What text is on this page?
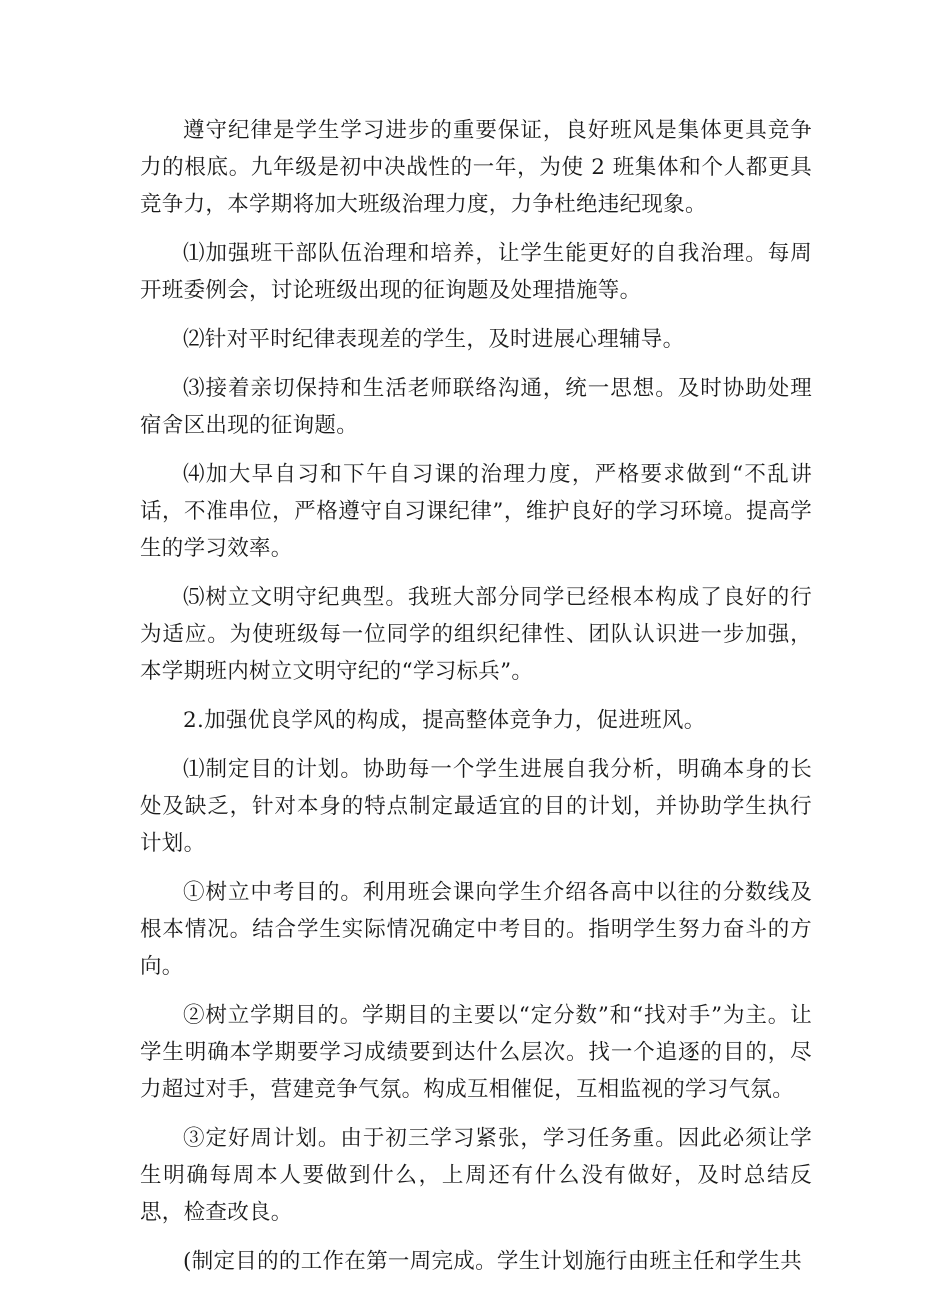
遵守纪律是学生学习进步的重要保证，良好班风是集体更具竞争力的根底。九年级是初中决战性的一年，为使 2 班集体和个人都更具竞争力，本学期将加大班级治理力度，力争杜绝违纪现象。

⑴加强班干部队伍治理和培养，让学生能更好的自我治理。每周开班委例会，讨论班级出现的征询题及处理措施等。

⑵针对平时纪律表现差的学生，及时进展心理辅导。

⑶接着亲切保持和生活老师联络沟通，统一思想。及时协助处理宿舍区出现的征询题。

⑷加大早自习和下午自习课的治理力度，严格要求做到“不乱讲话，不准串位，严格遵守自习课纪律”，维护良好的学习环境。提高学生的学习效率。

⑸树立文明守纪典型。我班大部分同学已经根本构成了良好的行为适应。为使班级每一位同学的组织纪律性、团队认识进一步加强，本学期班内树立文明守纪的“学习标兵”。

2.加强优良学风的构成，提高整体竞争力，促进班风。

⑴制定目的计划。协助每一个学生进展自我分析，明确本身的长处及缺乏，针对本身的特点制定最适宜的目的计划，并协助学生执行计划。

①树立中考目的。利用班会课向学生介绍各高中以往的分数线及根本情况。结合学生实际情况确定中考目的。指明学生努力奋斗的方向。

②树立学期目的。学期目的主要以“定分数”和“找对手”为主。让学生明确本学期要学习成绩要到达什么层次。找一个追逐的目的，尽力超过对手，营建竞争气氛。构成互相催促，互相监视的学习气氛。

③定好周计划。由于初三学习紧张，学习任务重。因此必须让学生明确每周本人要做到什么，上周还有什么没有做好，及时总结反思，检查改良。

(制定目的的工作在第一周完成。学生计划施行由班主任和学生共
